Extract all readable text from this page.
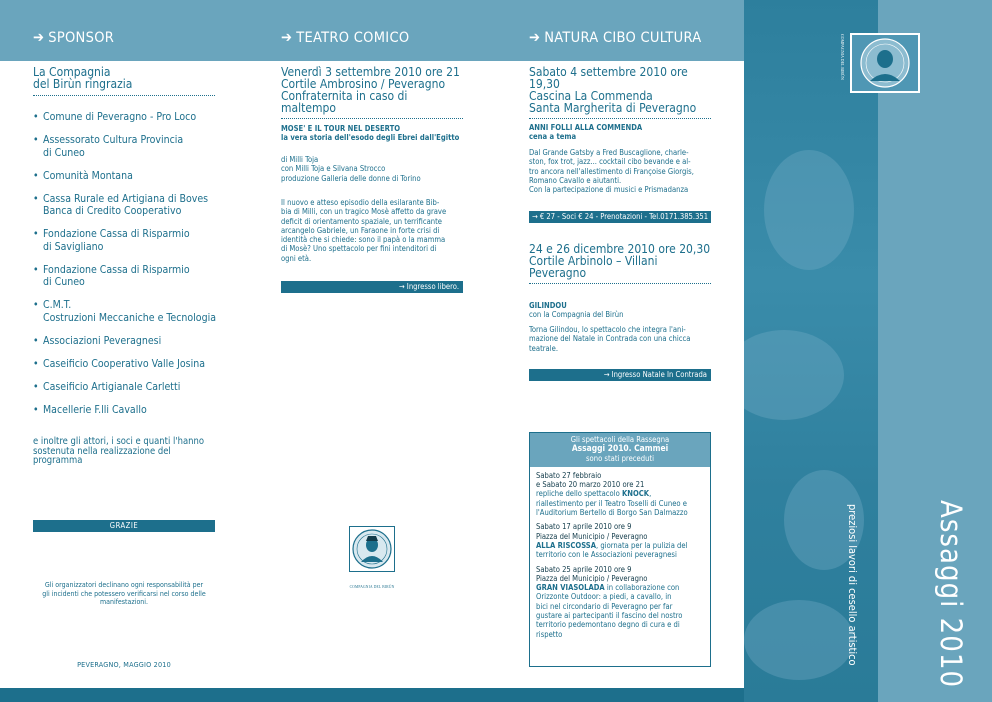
➔ SPONSOR
La Compagnia
del Birùn ringrazia
• Comune di Peveragno - Pro Loco
• Assessorato Cultura Provincia
di Cuneo
• Comunità Montana
• Cassa Rurale ed Artigiana di Boves
Banca di Credito Cooperativo
• Fondazione Cassa di Risparmio
di Savigliano
• Fondazione Cassa di Risparmio
di Cuneo
• C.M.T.
Costruzioni Meccaniche e Tecnologia
• Associazioni Peveragnesi
• Caseificio Cooperativo Valle Josina
• Caseificio Artigianale Carletti
• Macellerie F.lli Cavallo
e inoltre gli attori, i soci e quanti l'hanno
sostenuta nella realizzazione del
programma
GRAZIE
Gli organizzatori declinano ogni responsabilità per
gli incidenti che potessero verificarsi nel corso delle
manifestazioni.
PEVERAGNO, MAGGIO 2010
➔ TEATRO COMICO
Venerdì 3 settembre 2010 ore 21
Cortile Ambrosino / Peveragno
Confraternita in caso di maltempo
MOSE' E IL TOUR NEL DESERTO
la vera storia dell'esodo degli Ebrei dall'Egitto
di Milli Toja
con Milli Toja e Silvana Strocco
produzione Galleria delle donne di Torino
Il nuovo e atteso episodio della esilarante Bib-
bia di Milli, con un tragico Mosè affetto da grave
deficit di orientamento spaziale, un terrificante
arcangelo Gabriele, un Faraone in forte crisi di
identità che si chiede: sono il papà o la mamma
di Mosè? Uno spettacolo per fini intenditori di
ogni età.
→ Ingresso libero.
COMPAGNIA DEL BIRÙN
➔ NATURA CIBO CULTURA
Sabato 4 settembre 2010 ore 19,30
Cascina La Commenda
Santa Margherita di Peveragno
ANNI FOLLI ALLA COMMENDA
cena a tema
Dal Grande Gatsby a Fred Buscaglione, charle-
ston, fox trot, jazz... cocktail cibo bevande e al-
tro ancora nell'allestimento di Françoise Giorgis,
Romano Cavallo e aiutanti.
Con la partecipazione di musici e Prismadanza
→ € 27 - Soci € 24 - Prenotazioni - Tel.0171.385.351
24 e 26 dicembre 2010 ore 20,30
Cortile Arbinolo – Villani
Peveragno
GILINDOU
con la Compagnia del Birùn
Torna Gilindou, lo spettacolo che integra l'ani-
mazione del Natale in Contrada con una chicca
teatrale.
→ Ingresso Natale In Contrada
Gli spettacoli della Rassegna
Assaggi 2010. Cammei
sono stati preceduti
Sabato 27 febbraio
e Sabato 20 marzo 2010 ore 21
repliche dello spettacolo KNOCK,
riallestimento per il Teatro Toselli di Cuneo e
l'Auditorium Bertello di Borgo San Dalmazzo
Sabato 17 aprile 2010 ore 9
Piazza del Municipio / Peveragno
ALLA RISCOSSA, giornata per la pulizia del
territorio con le Associazioni peveragnesi
Sabato 25 aprile 2010 ore 9
Piazza del Municipio / Peveragno
GRAN VIASOLADA in collaborazione con
Orizzonte Outdoor: a piedi, a cavallo, in
bici nel circondario di Peveragno per far
gustare ai partecipanti il fascino del nostro
territorio pedemontano degno di cura e di
rispetto
COMPAGNIA DEL BIRÙN
preziosi lavori di cesello artistico	Assaggi 2010
